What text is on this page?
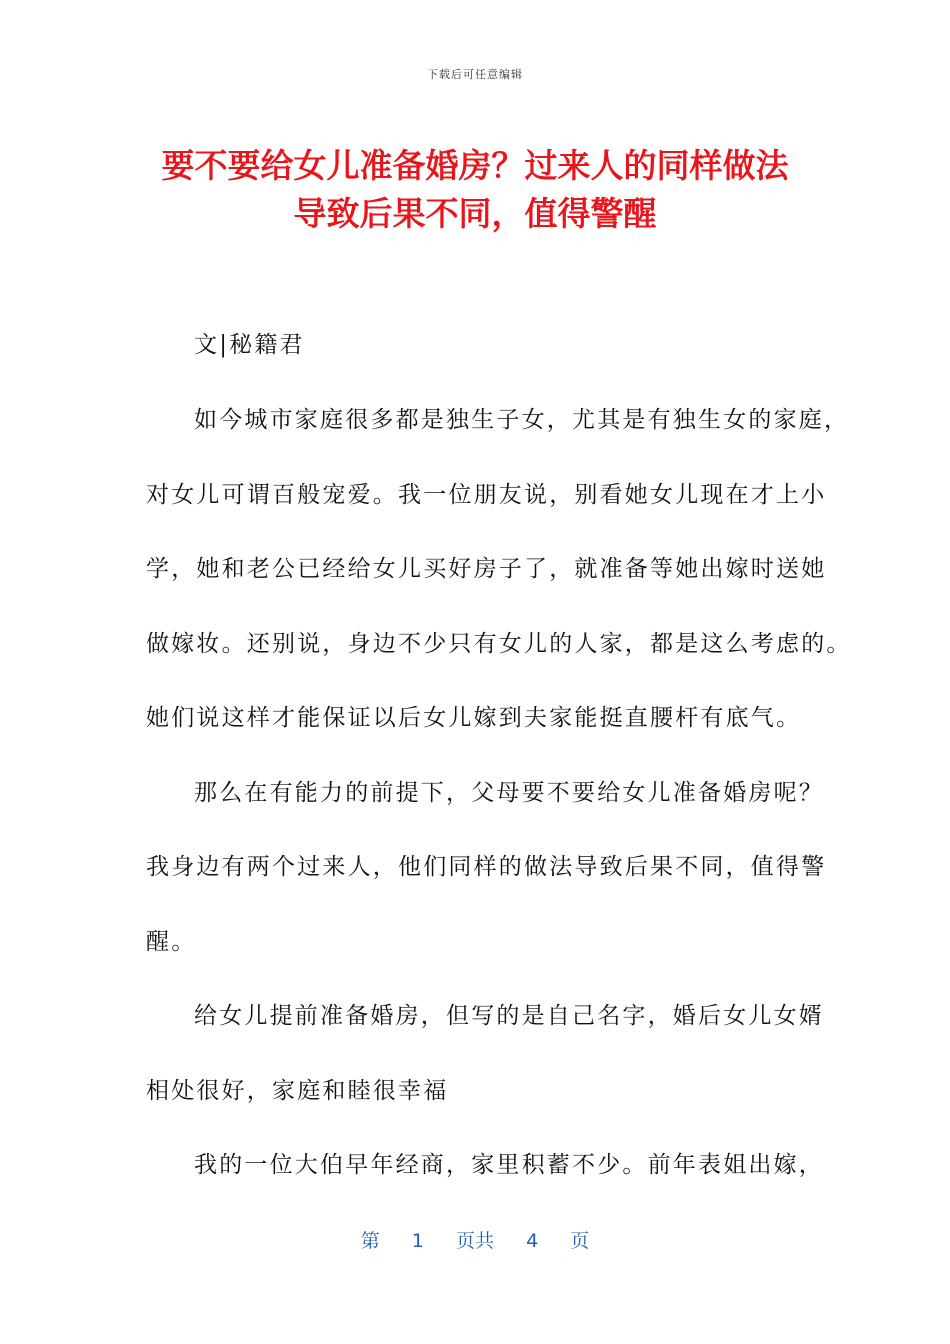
下载后可任意编辑
要不要给女儿准备婚房？过来人的同样做法
导致后果不同，值得警醒
文|秘籍君
如今城市家庭很多都是独生子女，尤其是有独生女的家庭，
对女儿可谓百般宠爱。我一位朋友说，别看她女儿现在才上小
学，她和老公已经给女儿买好房子了，就准备等她出嫁时送她
做嫁妆。还别说，身边不少只有女儿的人家，都是这么考虑的。
她们说这样才能保证以后女儿嫁到夫家能挺直腰杆有底气。
那么在有能力的前提下，父母要不要给女儿准备婚房呢？
我身边有两个过来人，他们同样的做法导致后果不同，值得警
醒。
给女儿提前准备婚房，但写的是自己名字，婚后女儿女婿
相处很好，家庭和睦很幸福
我的一位大伯早年经商，家里积蓄不少。前年表姐出嫁，
第 1 页共 4 页
